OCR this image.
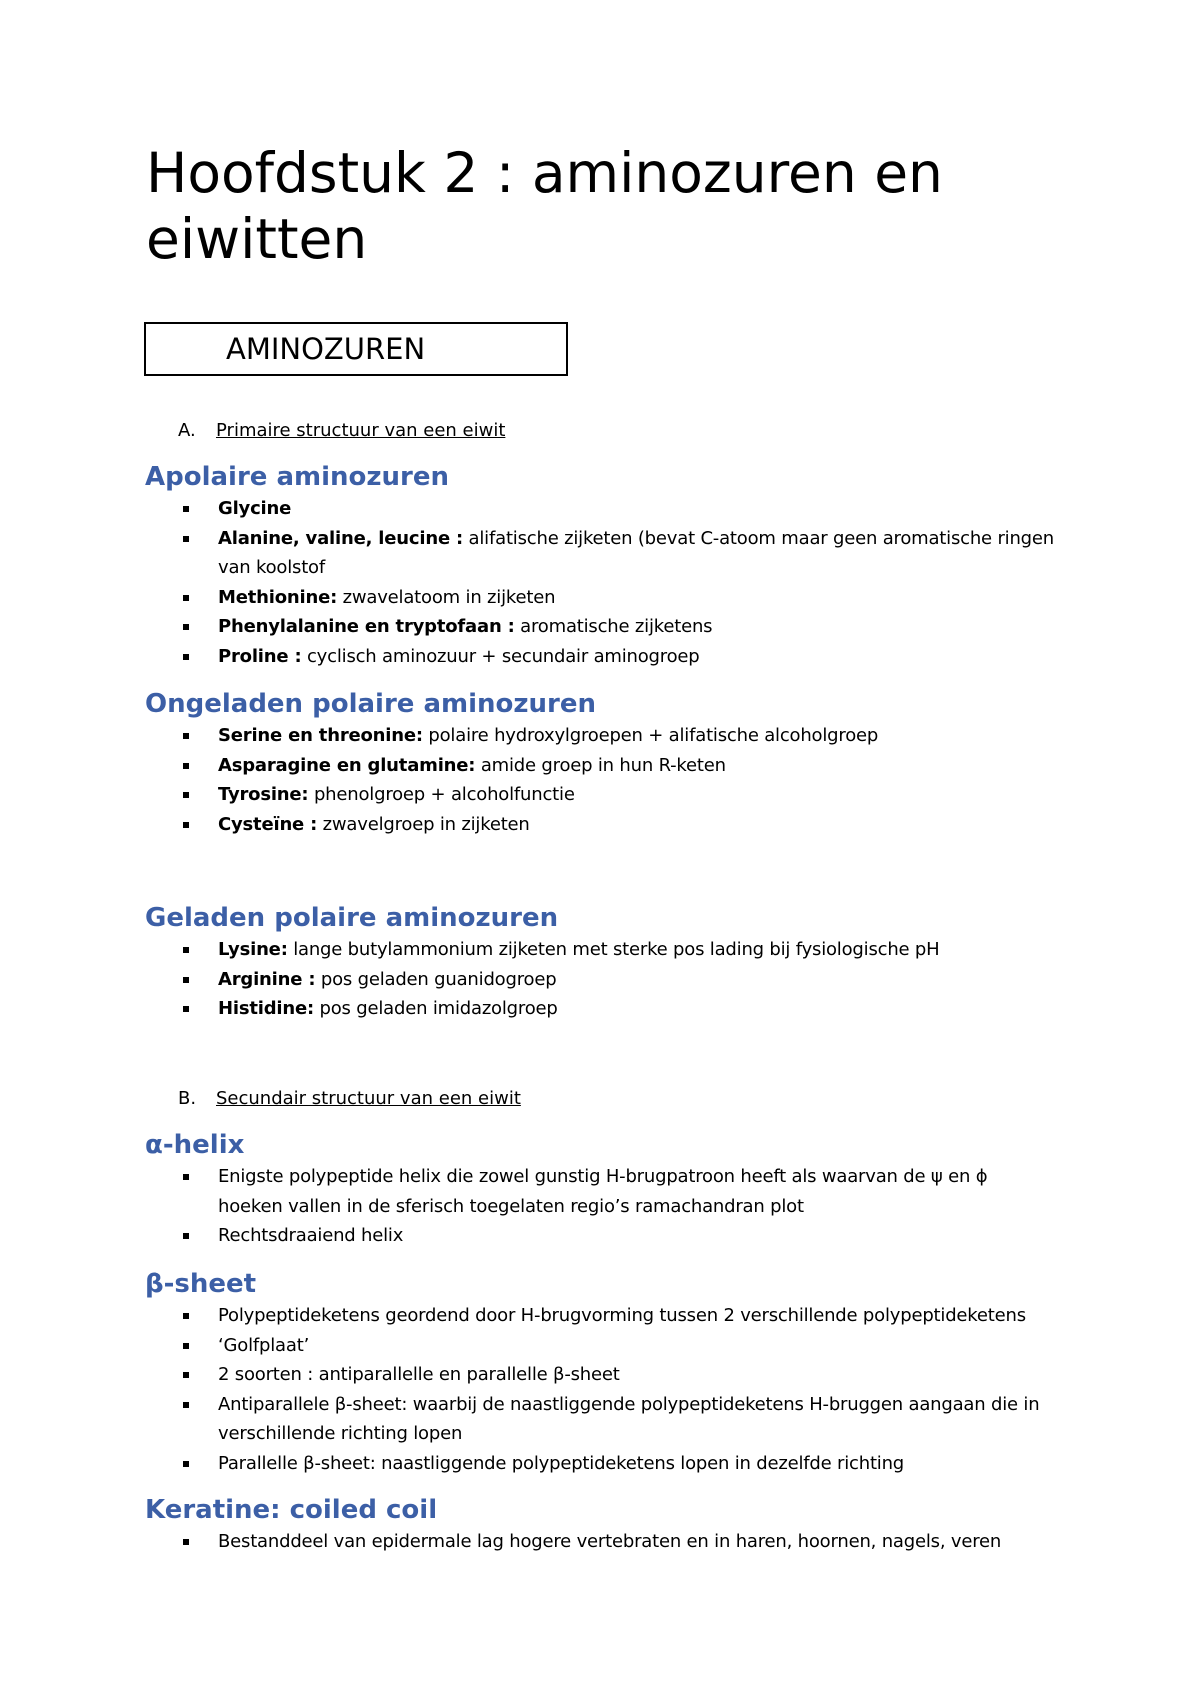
Hoofdstuk 2 : aminozuren en
eiwitten
AMINOZUREN
A. Primaire structuur van een eiwit
Apolaire aminozuren
Glycine
Alanine, valine, leucine : alifatische zijketen (bevat C-atoom maar geen aromatische ringen
van koolstof
Methionine: zwavelatoom in zijketen
Phenylalanine en tryptofaan : aromatische zijketens
Proline : cyclisch aminozuur + secundair aminogroep
Ongeladen polaire aminozuren
Serine en threonine: polaire hydroxylgroepen + alifatische alcoholgroep
Asparagine en glutamine: amide groep in hun R-keten
Tyrosine: phenolgroep + alcoholfunctie
Cysteïne : zwavelgroep in zijketen
Geladen polaire aminozuren
Lysine: lange butylammonium zijketen met sterke pos lading bij fysiologische pH
Arginine : pos geladen guanidogroep
Histidine: pos geladen imidazolgroep
B. Secundair structuur van een eiwit
α-helix
Enigste polypeptide helix die zowel gunstig H-brugpatroon heeft als waarvan de ψ en ϕ
hoeken vallen in de sferisch toegelaten regio’s ramachandran plot
Rechtsdraaiend helix
β-sheet
Polypeptideketens geordend door H-brugvorming tussen 2 verschillende polypeptideketens
‘Golfplaat’
2 soorten : antiparallelle en parallelle β-sheet
Antiparallele β-sheet: waarbij de naastliggende polypeptideketens H-bruggen aangaan die in
verschillende richting lopen
Parallelle β-sheet: naastliggende polypeptideketens lopen in dezelfde richting
Keratine: coiled coil
Bestanddeel van epidermale lag hogere vertebraten en in haren, hoornen, nagels, veren
